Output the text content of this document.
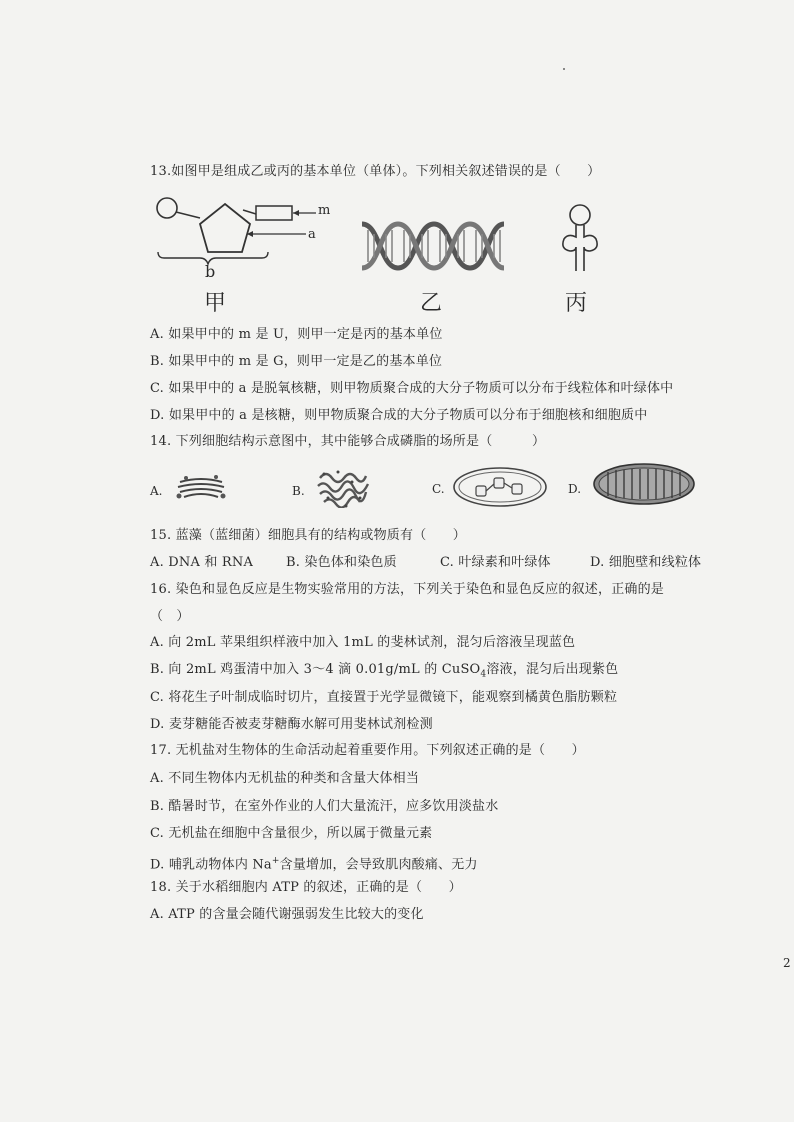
13.如图甲是组成乙或丙的基本单位（单体）。下列相关叙述错误的是（　　）
m
a
b
甲	乙	丙
A. 如果甲中的 m 是 U，则甲一定是丙的基本单位
B. 如果甲中的 m 是 G，则甲一定是乙的基本单位
C. 如果甲中的 a 是脱氧核糖，则甲物质聚合成的大分子物质可以分布于线粒体和叶绿体中
D. 如果甲中的 a 是核糖，则甲物质聚合成的大分子物质可以分布于细胞核和细胞质中
14. 下列细胞结构示意图中，其中能够合成磷脂的场所是（　　　）
A.	B.	C.	D.
15. 蓝藻（蓝细菌）细胞具有的结构或物质有（　　）
A. DNA 和 RNA	B. 染色体和染色质	C. 叶绿素和叶绿体	D. 细胞壁和线粒体
16. 染色和显色反应是生物实验常用的方法，下列关于染色和显色反应的叙述，正确的是
（　）
A. 向 2mL 苹果组织样液中加入 1mL 的斐林试剂，混匀后溶液呈现蓝色
B. 向 2mL 鸡蛋清中加入 3～4 滴 0.01g/mL 的 CuSO$_4$溶液，混匀后出现紫色
C. 将花生子叶制成临时切片，直接置于光学显微镜下，能观察到橘黄色脂肪颗粒
D. 麦芽糖能否被麦芽糖酶水解可用斐林试剂检测
17. 无机盐对生物体的生命活动起着重要作用。下列叙述正确的是（　　）
A. 不同生物体内无机盐的种类和含量大体相当
B. 酷暑时节，在室外作业的人们大量流汗，应多饮用淡盐水
C. 无机盐在细胞中含量很少，所以属于微量元素
D. 哺乳动物体内 Na+含量增加，会导致肌肉酸痛、无力
18. 关于水稻细胞内 ATP 的叙述，正确的是（　　）
A. ATP 的含量会随代谢强弱发生比较大的变化
2
